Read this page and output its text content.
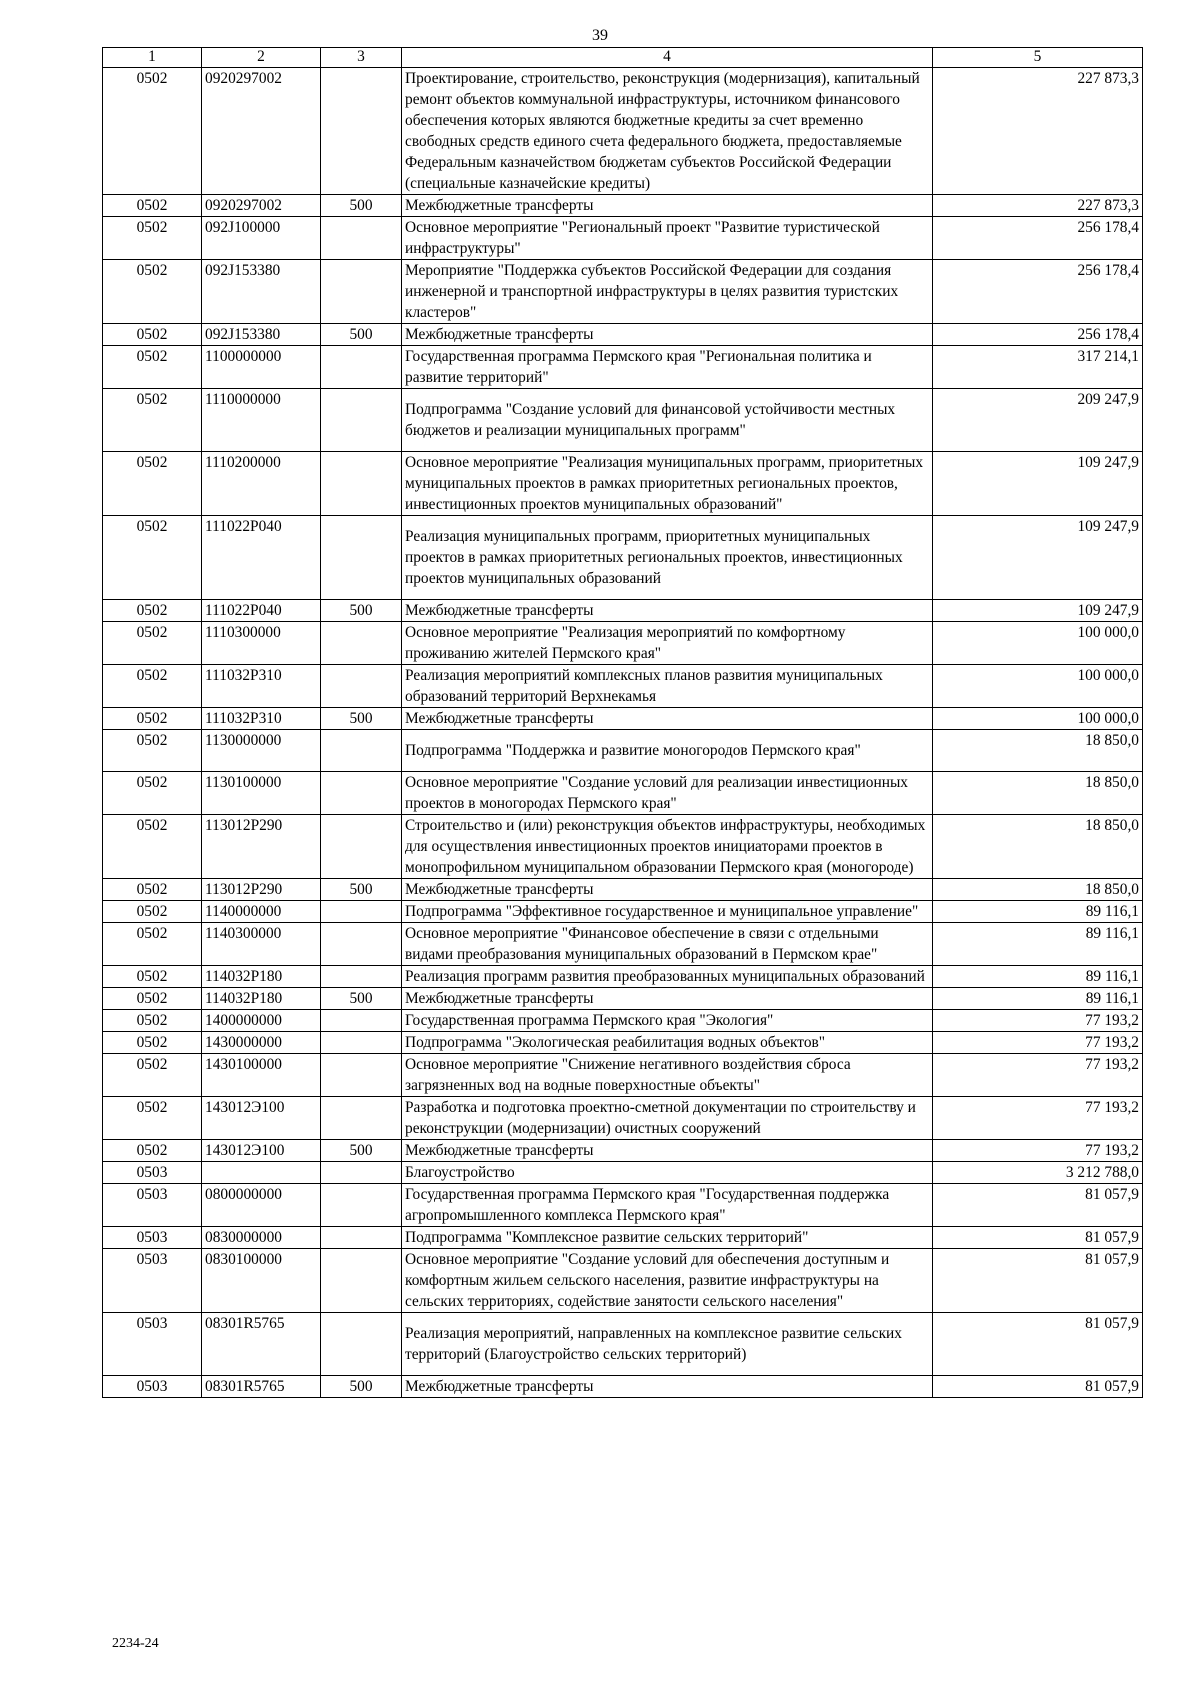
39
1	2	3	4	5
0502	0920297002		Проектирование, строительство, реконструкция (модернизация), капитальный ремонт объектов коммунальной инфраструктуры, источником финансового обеспечения которых являются бюджетные кредиты за счет временно свободных средств единого счета федерального бюджета, предоставляемые Федеральным казначейством бюджетам субъектов Российской Федерации (специальные казначейские кредиты)	227 873,3
0502	0920297002	500	Межбюджетные трансферты	227 873,3
0502	092J100000		Основное мероприятие "Региональный проект "Развитие туристической инфраструктуры"	256 178,4
0502	092J153380		Мероприятие "Поддержка субъектов Российской Федерации для создания инженерной и транспортной инфраструктуры в целях развития туристских кластеров"	256 178,4
0502	092J153380	500	Межбюджетные трансферты	256 178,4
0502	1100000000		Государственная программа Пермского края "Региональная политика и развитие территорий"	317 214,1
0502	1110000000		Подпрограмма "Создание условий для финансовой устойчивости местных бюджетов и реализации муниципальных программ"	209 247,9
0502	1110200000		Основное мероприятие "Реализация муниципальных программ, приоритетных муниципальных проектов в рамках приоритетных региональных проектов, инвестиционных проектов муниципальных образований"	109 247,9
0502	111022P040		Реализация муниципальных программ, приоритетных муниципальных проектов в рамках приоритетных региональных проектов, инвестиционных проектов муниципальных образований	109 247,9
0502	111022P040	500	Межбюджетные трансферты	109 247,9
0502	1110300000		Основное мероприятие "Реализация мероприятий по комфортному проживанию жителей Пермского края"	100 000,0
0502	111032P310		Реализация мероприятий комплексных планов развития муниципальных образований территорий Верхнекамья	100 000,0
0502	111032P310	500	Межбюджетные трансферты	100 000,0
0502	1130000000		Подпрограмма "Поддержка и развитие моногородов Пермского края"	18 850,0
0502	1130100000		Основное мероприятие "Создание условий для реализации инвестиционных проектов в моногородах Пермского края"	18 850,0
0502	113012P290		Строительство и (или) реконструкция объектов инфраструктуры, необходимых для осуществления инвестиционных проектов инициаторами проектов в монопрофильном муниципальном образовании Пермского края (моногороде)	18 850,0
0502	113012P290	500	Межбюджетные трансферты	18 850,0
0502	1140000000		Подпрограмма "Эффективное государственное и муниципальное управление"	89 116,1
0502	1140300000		Основное мероприятие "Финансовое обеспечение в связи с отдельными видами преобразования муниципальных образований в Пермском крае"	89 116,1
0502	114032P180		Реализация программ развития преобразованных муниципальных образований	89 116,1
0502	114032P180	500	Межбюджетные трансферты	89 116,1
0502	1400000000		Государственная программа Пермского края "Экология"	77 193,2
0502	1430000000		Подпрограмма "Экологическая реабилитация водных объектов"	77 193,2
0502	1430100000		Основное мероприятие "Снижение негативного воздействия сброса загрязненных вод на водные поверхностные объекты"	77 193,2
0502	143012Э100		Разработка и подготовка проектно-сметной документации по строительству и реконструкции (модернизации) очистных сооружений	77 193,2
0502	143012Э100	500	Межбюджетные трансферты	77 193,2
0503			Благоустройство	3 212 788,0
0503	0800000000		Государственная программа Пермского края "Государственная поддержка агропромышленного комплекса Пермского края"	81 057,9
0503	0830000000		Подпрограмма "Комплексное развитие сельских территорий"	81 057,9
0503	0830100000		Основное мероприятие "Создание условий для обеспечения доступным и комфортным жильем сельского населения, развитие инфраструктуры на сельских территориях, содействие занятости сельского населения"	81 057,9
0503	08301R5765		Реализация мероприятий, направленных на комплексное развитие сельских территорий (Благоустройство сельских территорий)	81 057,9
0503	08301R5765	500	Межбюджетные трансферты	81 057,9
2234-24
